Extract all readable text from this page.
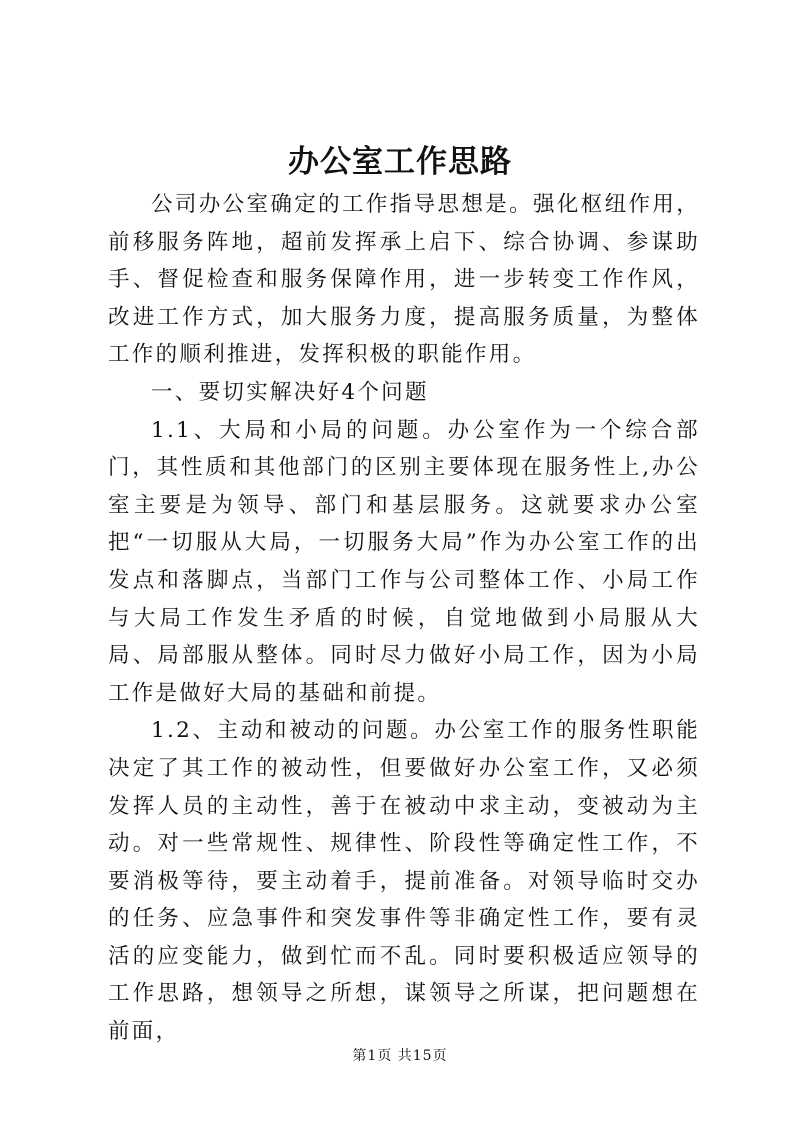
办公室工作思路

公司办公室确定的工作指导思想是。强化枢纽作用，前移服务阵地，超前发挥承上启下、综合协调、参谋助手、督促检查和服务保障作用，进一步转变工作作风，改进工作方式，加大服务力度，提高服务质量，为整体工作的顺利推进，发挥积极的职能作用。

一、要切实解决好4个问题

1.1、大局和小局的问题。办公室作为一个综合部门，其性质和其他部门的区别主要体现在服务性上,办公室主要是为领导、部门和基层服务。这就要求办公室把“一切服从大局，一切服务大局”作为办公室工作的出发点和落脚点，当部门工作与公司整体工作、小局工作与大局工作发生矛盾的时候，自觉地做到小局服从大局、局部服从整体。同时尽力做好小局工作，因为小局工作是做好大局的基础和前提。

1.2、主动和被动的问题。办公室工作的服务性职能决定了其工作的被动性，但要做好办公室工作，又必须发挥人员的主动性，善于在被动中求主动，变被动为主动。对一些常规性、规律性、阶段性等确定性工作，不要消极等待，要主动着手，提前准备。对领导临时交办的任务、应急事件和突发事件等非确定性工作，要有灵活的应变能力，做到忙而不乱。同时要积极适应领导的工作思路，想领导之所想，谋领导之所谋，把问题想在前面，

第1页 共15页
